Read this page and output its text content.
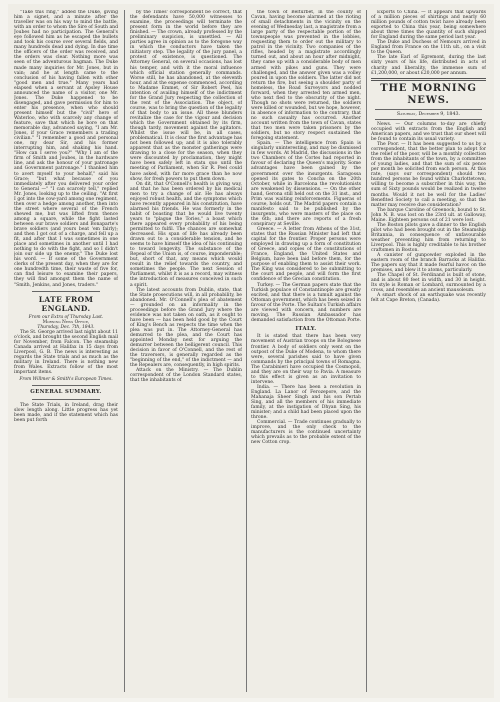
"Take this ring," added the Duke, giving him a signet, and a minute after the traveller was on his way to mind the battle, with an order to whom the Sire of South and Joubes had no participation. The General's eye followed him as he escaped the bullets and took his course over several fields, and many hundreds dead and dying. In due time the officers of the order was received, and the orders was clear. Nothing more was seen of the adventurous bagman. The Duke made many inquiries for Mr. Jones, but in vain; and he at length came to the conclusion of his having fallen with other "good men and true." Many years had elapsed when a servant at Apsley House announced the name of a visitor, one Mr. Jones. The Duke happened to be disengaged, and gave permission for him to enter his presence, when who should present himself but the "civil" hero of Waterloo, who with scarcely any change of feature, save that which he bore on that memorable day, advanced saying, "I am Mr. Jones, if your Grace remembers a trading civilian." "I remember a good and personal one, my dear Sir, and his former interrupting him, and shaking his hand. "How can I serve you?" "Why I am of the firm of Smith and Joubes, in the hardware line, and ask the honour of your patronage and Government patronage." I thanked him to avert myself to your behalf," said his Grace; "but what because of you immediately after you delivered your order to General —" "I can scarcely tell," replied Mr. Jones, looking up to the ceiling. "At first I got into the cow-yard among one regiment, then over a hedge among another, then into the street where several of the French shewed me, but was lifted from thence among a square, while the fight lasted between our brave soldiers and Bonaparte's brave soldiers (and yours beat 'em fairly); and then I got out of a charge, and fell up a fit, and after that I was sometimes in one place and sometimes in another until I had nothing to do with the fight, and so I didn't join our side up the enemy." The Duke lost his word. — If some of the Government clerks of the present day, when they are for one hundredth time, their waste of five for, can find leisure to examine their papers, they will find amongst them the name of "Smith, Jenkins, and Jones, traders."

LATE FROM ENGLAND.

From our Extra of Thursday Last.

Morning News Office,

Thursday, Dec. 7th, 1843.

The St. George arrived last night about 11 o'clock, and brought the second English mail for November, from Falcon. The steamship Canada arrived at Halifax in 15 days from Liverpool, G. B. The news is interesting as regards the State trials and as much as the military in Ireland. There is nothing new from Wales. Extracts follow of the most important items.

From Willmer & Smith's European Times.

GENERAL SUMMARY.

The State Trials, in Ireland, drag their slow length along. Little progress has yet been made, and if the statement which has been put forth

by the Times' correspondent be correct, that the defendants have 50,000 witnesses to examine, the proceedings will terminate the present form in the world before they are finished. — The crown, already professed by the preliminary suspicion, is unsettled. — All parties agree in opinion as to the foregone way in which the conductors have taken the initiatory step. The legality of the jury panel, a protest of existence, is questioned. The Attorney General, on several occasions, has lost his temper, and with it the moral influence which official station generally commands. Worse still, he has abandoned, at the eleventh hour, and at the expense commenced, according to Madame Emmet, of Sir Robert Peel, his intention of availing himself of the indictment for the Grand Jury respecting the collection of the rent of the Association. The object, of course, was to bring the question of the legality of that body to an issue. All these blunders revitalize the case for the vigour and decision which the Government obtained by its firm, though tardy, movement against the agitators. Whilst the issue will be, in all cases, problematical. It is clear the first advantage has not been followed up; and it is also tolerably apparent that as the monster gatherings were drawing to a close for the season, when they were discounted by proclamation, they might have been safely left in statu quo until the meeting of Parliament, when Sir R. Peel could have asked, with far more grace than he now show, for fresh powers to put them down.

On dit, that O'Connell's health is giving way, and that he has been ordered by his medical men to try a change of air. He has always enjoyed robust health, and the symptoms which have recently appeared in his constitution, have alarmed his friends. He was formerly in the habit of boasting that he would live twenty years to "plague the Tories," a boast which there appeared every probability of his being permitted to fulfil. The chances are somewhat decreased. His span of life has already been drawn out to a considerable tension, and he seems to have himself the idea of his continuing to toward longevity. The substance of the Repeal of the Union is, of course, imponderable; but, short of that, any means which would result in the relief towards the country, and sometimes the people. The next Session of Parliament, whilst it is as a record, may witness the introduction of measures conceived in such a spirit.

The latest accounts from Dublin, state, that the State prosecutions will, in all probability, be abandoned. Mr. O'Connell's plea of abatement — grounded on an informality in the proceedings before the Grand Jury where the evidence was not taken on oath, as it ought to have been — has been held good by the Court of King's Bench as respects the time when the plea was put in. The Attorney-General has demurred to the plea, and the Court has appointed Monday next for arguing the demurrer between the belligerent council. This decision in favor of O'Connell, and the rest of the traversers, is generally regarded as the "beginning of the end," of the indictment — and the Repealers are, consequently, in high spirits.

Attack on the Ministry. — The Dublin correspondent of the London Standard states, that the inhabitants of

the town of Belturbet, in the county of Cavan, having become alarmed at the rioting of small detachments in the vicinity on the evening of Wednesday last, a magistrate from a large party of the respectable portion of the townspeople was prevented in the lobbies, requesting them to order out the military to patrol in the vicinity. Two companies of the rifles, headed by a magistrate accordingly turned out, and about an hour after midnight, they came up with a considerable body of men armed with pikes and guns. They were challenged, and the answer given was a volley poured in upon the soldiers. The latter did not return the fire, but seeing a shoulder party of homeless, the Road Surveyors and nodded forward, when they arrested ten armed men, who next fled to the obscurity of the night. Though no shots were returned, the soldiers were killed or wounded, but we hope, however, in absence of information to the contrary, that no such casualty has occurred. Another account written from the town of Cavan, states that two men were taken prisoners by the soldiers, but no story respect sustained the foregoing statement.

Spain. — The intelligence from Spain is singularly uninteresting, and may be dismissed in few words. At Madrid, the discussions in the two Chambers of the Cortes had reported in favour of declaring the Queen's majority. Some advantages have been gained by the government over the insurgents. Saragossa opened its gates to Concha on the 20th October, while in Barcelona the revolutionists are weakened by dissensions. — On the other hand, Gerona still held out on the 31 inst., and Prim was waiting reinforcements. Figueras of course, holds out. The Madrid papers contain a manifesto said to be published by the insurgents, who were masters of the place on the 6th; and there are reports of a fresh conspiracy at Seville.

Greece. — A letter from Athens of the 31st, states that the Russian Minister had left that capital for the frontier. Proper persons were employed in drawing up a form of constitution of Greece, and copies of the constitutions of France, England, the United States and Belgium, have been laid before them, for the purpose of enabling them to assist their work. The King was considered to be submitting to the court and people, and will form the first confidence of the Grecian constitution.

Turkey. — The German papers state that the Turkish populace of Constantinople are greatly excited, and that there is a tumult against the Ottoman government, which has been seized in favour of the Porte. The Sultan's Turkish affairs are viewed with concern, and numbers are moving. The Russian Ambassador has demanded satisfaction from the Ottoman Porte.

ITALY.

It is stated that there has been very movement of Austrian troops on the Bolognese frontier. A body of soldiers only went on the outpost of the Duke of Modena, to whom there were, several parishes said to have given commands by the principal towns of Romagna. The Carabinieri have occupied the Cosmopoli, and they are on their way to Pavia. A measure to this effect is given as an invitation to intervene.

India. — There has been a revolution in England. La Lanor of Ferozepore, and the Mahanaja Sheer Singh and his son Pertab Sing, and all the members of his immediate family, at the instigation of Dhyan Sing, his minister; and a child had been placed upon the throne.

Commercial. — Trade continues gradually to improve, and the only check to the manufacturers is the continued uncertainty which prevails as to the probable extent of the new Cotton crop.

Exports to China. — It appears that upwards of a million pieces of shirtings and nearly 60 million pounds of cotton twist have already been exported to China this year, being somewhere about three times the quantity of such shipped for England during the same period last year.

The Duke and Duchess of Nemours arrived in England from France on the 11th ult., on a visit to the Queen.

The late Earl of Egremont, during the last sixty years of his life, distributed in acts of charity and liberality, the immense sum of £1,200,000, or about £20,000 per annum.

THE MORNING NEWS.

Saturday, December 9, 1843.

News. — Our columns to-day are chiefly occupied with extracts from the English and American papers, and we trust that our sheet will be found to contain its usual variety.

The Poor. — It has been suggested to us by a correspondent, that the better plan to adopt for the relief of the poor, will be a monthly collection from the inhabitants of the town, by a committee of young ladies, and that the sum of six pence per month be solicited from each person. At this rate, (says our correspondent) should two hundred persons be found within Charlottetown, willing to become a subscriber in this way, the sum of Sixty pounds would be realized in twelve months. Would it not be well for the Ladies' Benefited Society to call a meeting, so that the matter may receive due consideration?

The barque Caroline of Greenock, bound to St. John N. B. was lost on the 23rd ult. at Galloway, Maine. Eighteen persons out of 21 were lost.

The Boston pilots gave a dinner to the English pilot who had been brought out in the Steamship Britannia, in consequence of unfavourable weather preventing him from returning to Liverpool. This is highly creditable to his brother craftsmen in Boston.

A canister of gunpowder exploded in the eastern room of the branch Barracks at Halifax. The papers say that it made fearful havoc on the premises, and blew it to atoms, particularly.

The Chapel of St. Ferdinand is built of stone, and is about 80 feet in width, and 30 in height. Its style is Roman or Lombard, surmounted by a cross, and resembles an ancient mausoleum.

A smart shock of an earthquake was recently felt at Cape Breton, (Canada).
